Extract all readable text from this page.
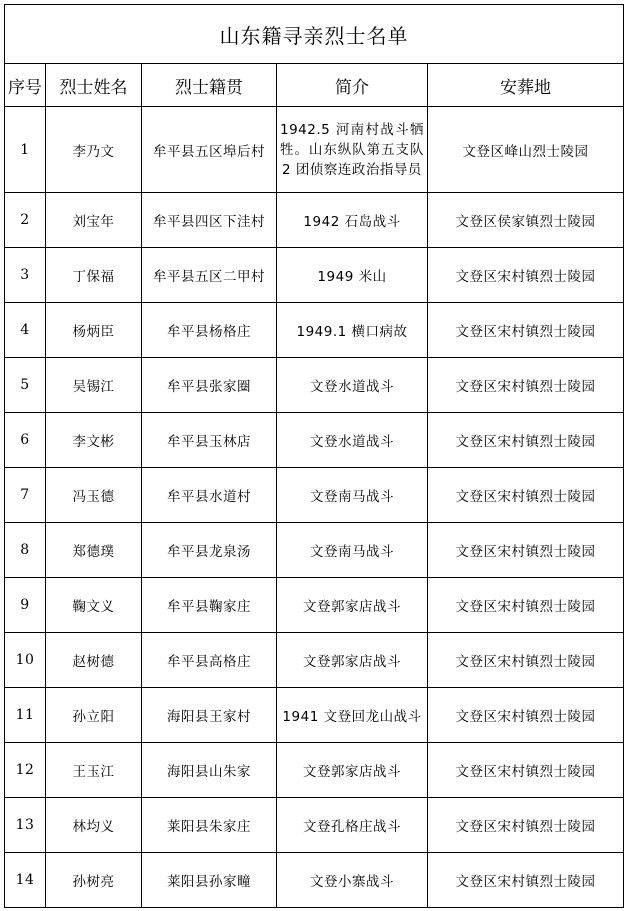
山东籍寻亲烈士名单				
序号	烈士姓名	烈士籍贯	简介	安葬地
1	李乃文	牟平县五区埠后村	1942.5 河南村战斗牺牲。山东纵队第五支队 2 团侦察连政治指导员	文登区峰山烈士陵园
2	刘宝年	牟平县四区下洼村	1942 石岛战斗	文登区侯家镇烈士陵园
3	丁保福	牟平县五区二甲村	1949 米山	文登区宋村镇烈士陵园
4	杨炳臣	牟平县杨格庄	1949.1 横口病故	文登区宋村镇烈士陵园
5	吴锡江	牟平县张家圈	文登水道战斗	文登区宋村镇烈士陵园
6	李文彬	牟平县玉林店	文登水道战斗	文登区宋村镇烈士陵园
7	冯玉德	牟平县水道村	文登南马战斗	文登区宋村镇烈士陵园
8	郑德璞	牟平县龙泉汤	文登南马战斗	文登区宋村镇烈士陵园
9	鞠文义	牟平县鞠家庄	文登郭家店战斗	文登区宋村镇烈士陵园
10	赵树德	牟平县高格庄	文登郭家店战斗	文登区宋村镇烈士陵园
11	孙立阳	海阳县王家村	1941 文登回龙山战斗	文登区宋村镇烈士陵园
12	王玉江	海阳县山朱家	文登郭家店战斗	文登区宋村镇烈士陵园
13	林均义	莱阳县朱家庄	文登孔格庄战斗	文登区宋村镇烈士陵园
14	孙树亮	莱阳县孙家疃	文登小寨战斗	文登区宋村镇烈士陵园
